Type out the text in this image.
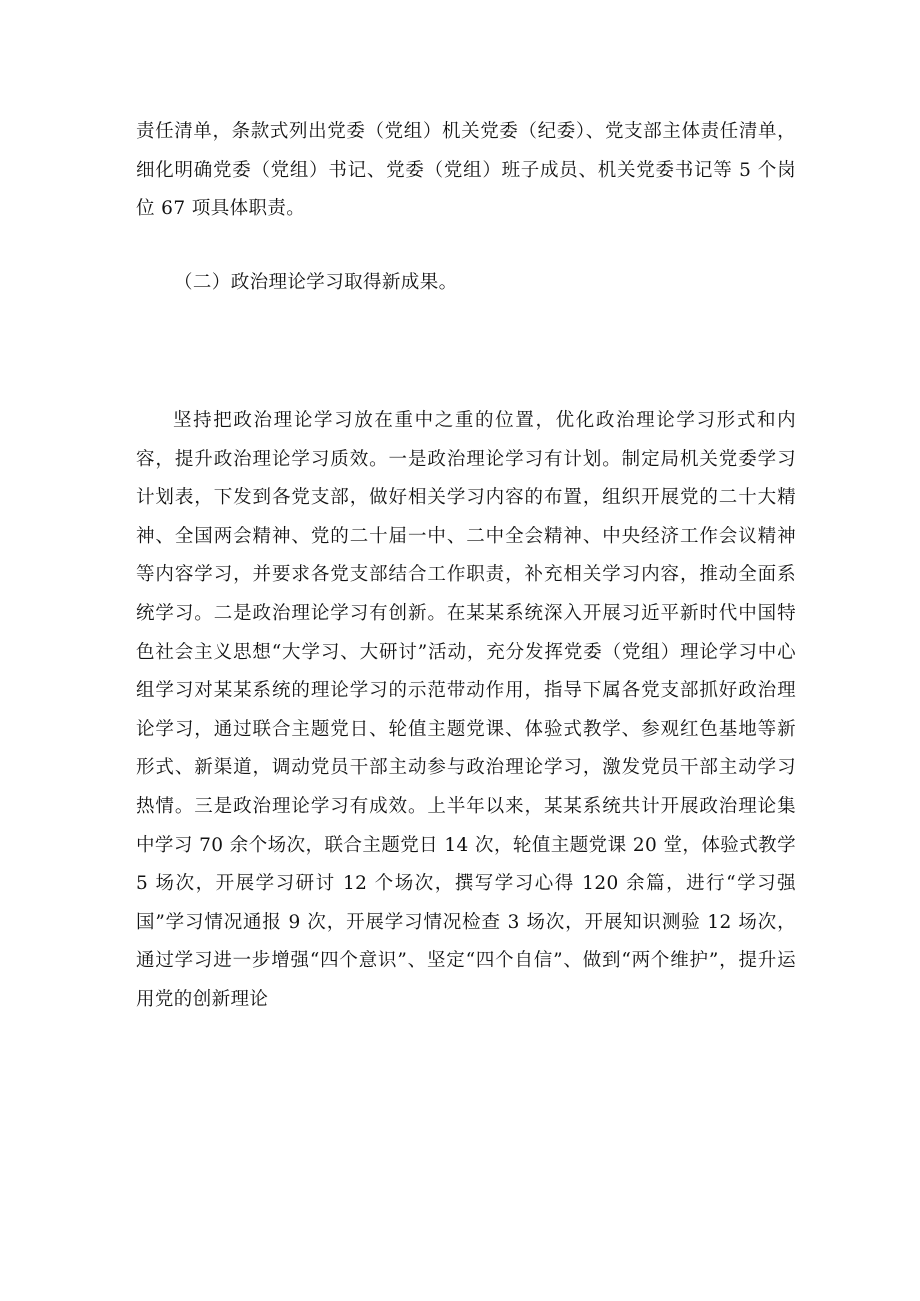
责任清单，条款式列出党委（党组）机关党委（纪委）、党支部主体责任清单，细化明确党委（党组）书记、党委（党组）班子成员、机关党委书记等 5 个岗位 67 项具体职责。

（二）政治理论学习取得新成果。

坚持把政治理论学习放在重中之重的位置，优化政治理论学习形式和内容，提升政治理论学习质效。一是政治理论学习有计划。制定局机关党委学习计划表，下发到各党支部，做好相关学习内容的布置，组织开展党的二十大精神、全国两会精神、党的二十届一中、二中全会精神、中央经济工作会议精神等内容学习，并要求各党支部结合工作职责，补充相关学习内容，推动全面系统学习。二是政治理论学习有创新。在某某系统深入开展习近平新时代中国特色社会主义思想“大学习、大研讨”活动，充分发挥党委（党组）理论学习中心组学习对某某系统的理论学习的示范带动作用，指导下属各党支部抓好政治理论学习，通过联合主题党日、轮值主题党课、体验式教学、参观红色基地等新形式、新渠道，调动党员干部主动参与政治理论学习，激发党员干部主动学习热情。三是政治理论学习有成效。上半年以来，某某系统共计开展政治理论集中学习 70 余个场次，联合主题党日 14 次，轮值主题党课 20 堂，体验式教学 5 场次，开展学习研讨 12 个场次，撰写学习心得 120 余篇，进行“学习强国”学习情况通报 9 次，开展学习情况检查 3 场次，开展知识测验 12 场次，通过学习进一步增强“四个意识”、坚定“四个自信”、做到“两个维护”，提升运用党的创新理论
